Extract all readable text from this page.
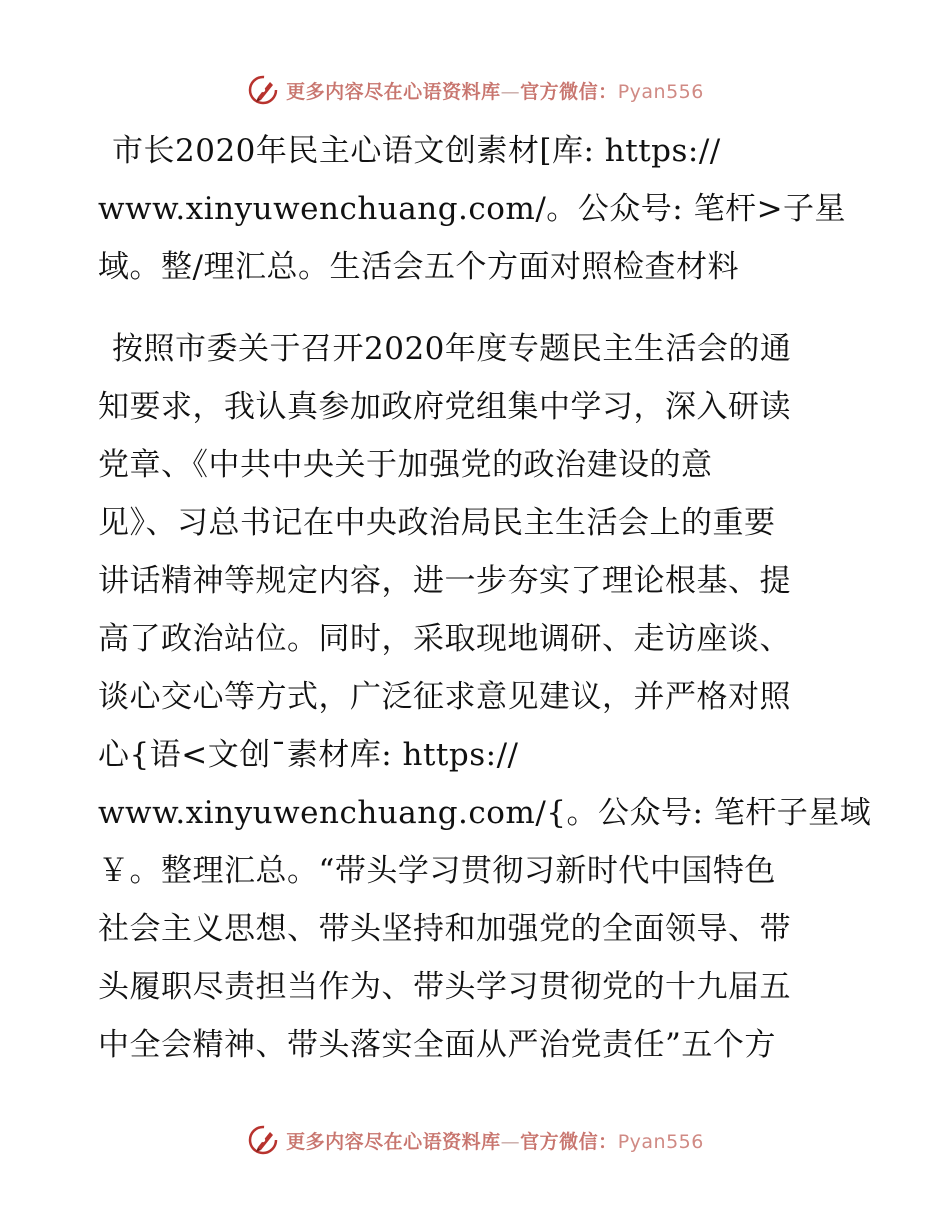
更多内容尽在心语资料库—官方微信：Pyan556
市长2020年民主心语文创素材[库: https://
www.xinyuwenchuang.com/。公众号: 笔杆>子星
域。整/理汇总。生活会五个方面对照检查材料
按照市委关于召开2020年度专题民主生活会的通
知要求，我认真参加政府党组集中学习，深入研读
党章、《中共中央关于加强党的政治建设的意
见》、习总书记在中央政治局民主生活会上的重要
讲话精神等规定内容，进一步夯实了理论根基、提
高了政治站位。同时，采取现地调研、走访座谈、
谈心交心等方式，广泛征求意见建议，并严格对照
心{语<文创¯素材库: https://
www.xinyuwenchuang.com/{。公众号: 笔杆子星域
￥。整理汇总。“带头学习贯彻习新时代中国特色
社会主义思想、带头坚持和加强党的全面领导、带
头履职尽责担当作为、带头学习贯彻党的十九届五
中全会精神、带头落实全面从严治党责任”五个方
更多内容尽在心语资料库—官方微信：Pyan556
